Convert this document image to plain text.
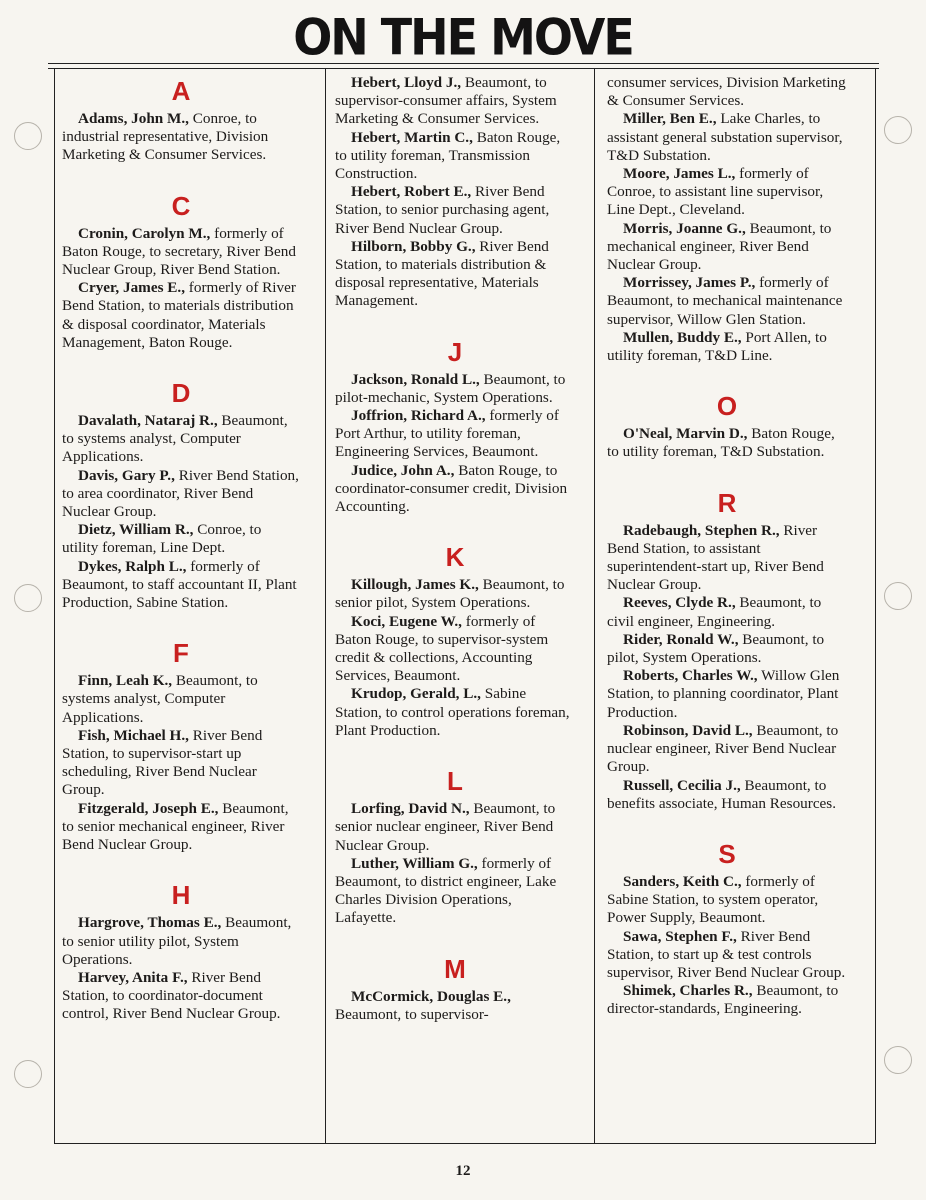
ON THE MOVE
A
Adams, John M., Conroe, to industrial representative, Division Marketing & Consumer Services.
C
Cronin, Carolyn M., formerly of Baton Rouge, to secretary, River Bend Nuclear Group, River Bend Station.
Cryer, James E., formerly of River Bend Station, to materials distribution & disposal coordinator, Materials Management, Baton Rouge.
D
Davalath, Nataraj R., Beaumont, to systems analyst, Computer Applications.
Davis, Gary P., River Bend Station, to area coordinator, River Bend Nuclear Group.
Dietz, William R., Conroe, to utility foreman, Line Dept.
Dykes, Ralph L., formerly of Beaumont, to staff accountant II, Plant Production, Sabine Station.
F
Finn, Leah K., Beaumont, to systems analyst, Computer Applications.
Fish, Michael H., River Bend Station, to supervisor-start up scheduling, River Bend Nuclear Group.
Fitzgerald, Joseph E., Beaumont, to senior mechanical engineer, River Bend Nuclear Group.
H
Hargrove, Thomas E., Beaumont, to senior utility pilot, System Operations.
Harvey, Anita F., River Bend Station, to coordinator-document control, River Bend Nuclear Group.
Hebert, Lloyd J., Beaumont, to supervisor-consumer affairs, System Marketing & Consumer Services.
Hebert, Martin C., Baton Rouge, to utility foreman, Transmission Construction.
Hebert, Robert E., River Bend Station, to senior purchasing agent, River Bend Nuclear Group.
Hilborn, Bobby G., River Bend Station, to materials distribution & disposal representative, Materials Management.
J
Jackson, Ronald L., Beaumont, to pilot-mechanic, System Operations.
Joffrion, Richard A., formerly of Port Arthur, to utility foreman, Engineering Services, Beaumont.
Judice, John A., Baton Rouge, to coordinator-consumer credit, Division Accounting.
K
Killough, James K., Beaumont, to senior pilot, System Operations.
Koci, Eugene W., formerly of Baton Rouge, to supervisor-system credit & collections, Accounting Services, Beaumont.
Krudop, Gerald, L., Sabine Station, to control operations foreman, Plant Production.
L
Lorfing, David N., Beaumont, to senior nuclear engineer, River Bend Nuclear Group.
Luther, William G., formerly of Beaumont, to district engineer, Lake Charles Division Operations, Lafayette.
M
McCormick, Douglas E., Beaumont, to supervisor-
consumer services, Division Marketing & Consumer Services.
Miller, Ben E., Lake Charles, to assistant general substation supervisor, T&D Substation.
Moore, James L., formerly of Conroe, to assistant line supervisor, Line Dept., Cleveland.
Morris, Joanne G., Beaumont, to mechanical engineer, River Bend Nuclear Group.
Morrissey, James P., formerly of Beaumont, to mechanical maintenance supervisor, Willow Glen Station.
Mullen, Buddy E., Port Allen, to utility foreman, T&D Line.
O
O'Neal, Marvin D., Baton Rouge, to utility foreman, T&D Substation.
R
Radebaugh, Stephen R., River Bend Station, to assistant superintendent-start up, River Bend Nuclear Group.
Reeves, Clyde R., Beaumont, to civil engineer, Engineering.
Rider, Ronald W., Beaumont, to pilot, System Operations.
Roberts, Charles W., Willow Glen Station, to planning coordinator, Plant Production.
Robinson, David L., Beaumont, to nuclear engineer, River Bend Nuclear Group.
Russell, Cecilia J., Beaumont, to benefits associate, Human Resources.
S
Sanders, Keith C., formerly of Sabine Station, to system operator, Power Supply, Beaumont.
Sawa, Stephen F., River Bend Station, to start up & test controls supervisor, River Bend Nuclear Group.
Shimek, Charles R., Beaumont, to director-standards, Engineering.
12
